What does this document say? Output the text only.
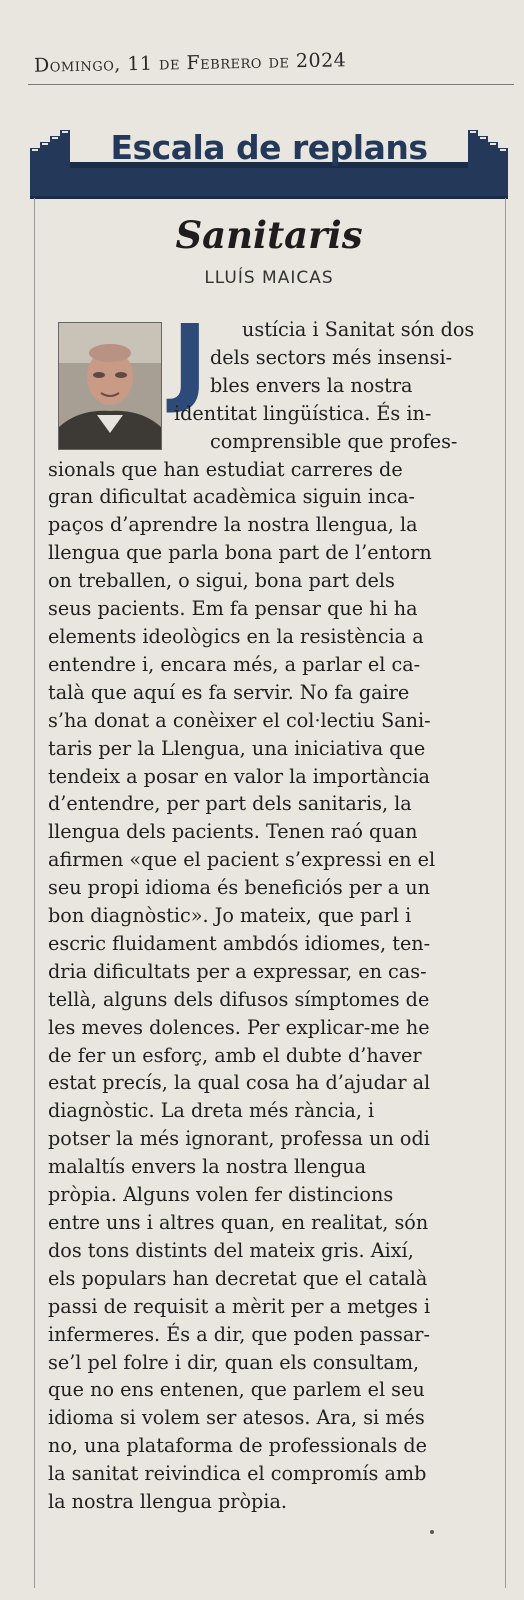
Domingo, 11 de Febrero de 2024
Escala de replans
Sanitaris
LLUÍS MAICAS
J	ustícia i Sanitat són dos
dels sectors més insensi-
bles envers la nostra
identitat lingüística. És in-
comprensible que profes-
sionals que han estudiat carreres de
gran dificultat acadèmica siguin inca-
paços d’aprendre la nostra llengua, la
llengua que parla bona part de l’entorn
on treballen, o sigui, bona part dels
seus pacients. Em fa pensar que hi ha
elements ideològics en la resistència a
entendre i, encara més, a parlar el ca-
talà que aquí es fa servir. No fa gaire
s’ha donat a conèixer el col·lectiu Sani-
taris per la Llengua, una iniciativa que
tendeix a posar en valor la importància
d’entendre, per part dels sanitaris, la
llengua dels pacients. Tenen raó quan
afirmen «que el pacient s’expressi en el
seu propi idioma és beneficiós per a un
bon diagnòstic». Jo mateix, que parl i
escric fluidament ambdós idiomes, ten-
dria dificultats per a expressar, en cas-
tellà, alguns dels difusos símptomes de
les meves dolences. Per explicar-me he
de fer un esforç, amb el dubte d’haver
estat precís, la qual cosa ha d’ajudar al
diagnòstic. La dreta més rància, i
potser la més ignorant, professa un odi
malaltís envers la nostra llengua
pròpia. Alguns volen fer distincions
entre uns i altres quan, en realitat, són
dos tons distints del mateix gris. Així,
els populars han decretat que el català
passi de requisit a mèrit per a metges i
infermeres. És a dir, que poden passar-
se’l pel folre i dir, quan els consultam,
que no ens entenen, que parlem el seu
idioma si volem ser atesos. Ara, si més
no, una plataforma de professionals de
la sanitat reivindica el compromís amb
la nostra llengua pròpia.
